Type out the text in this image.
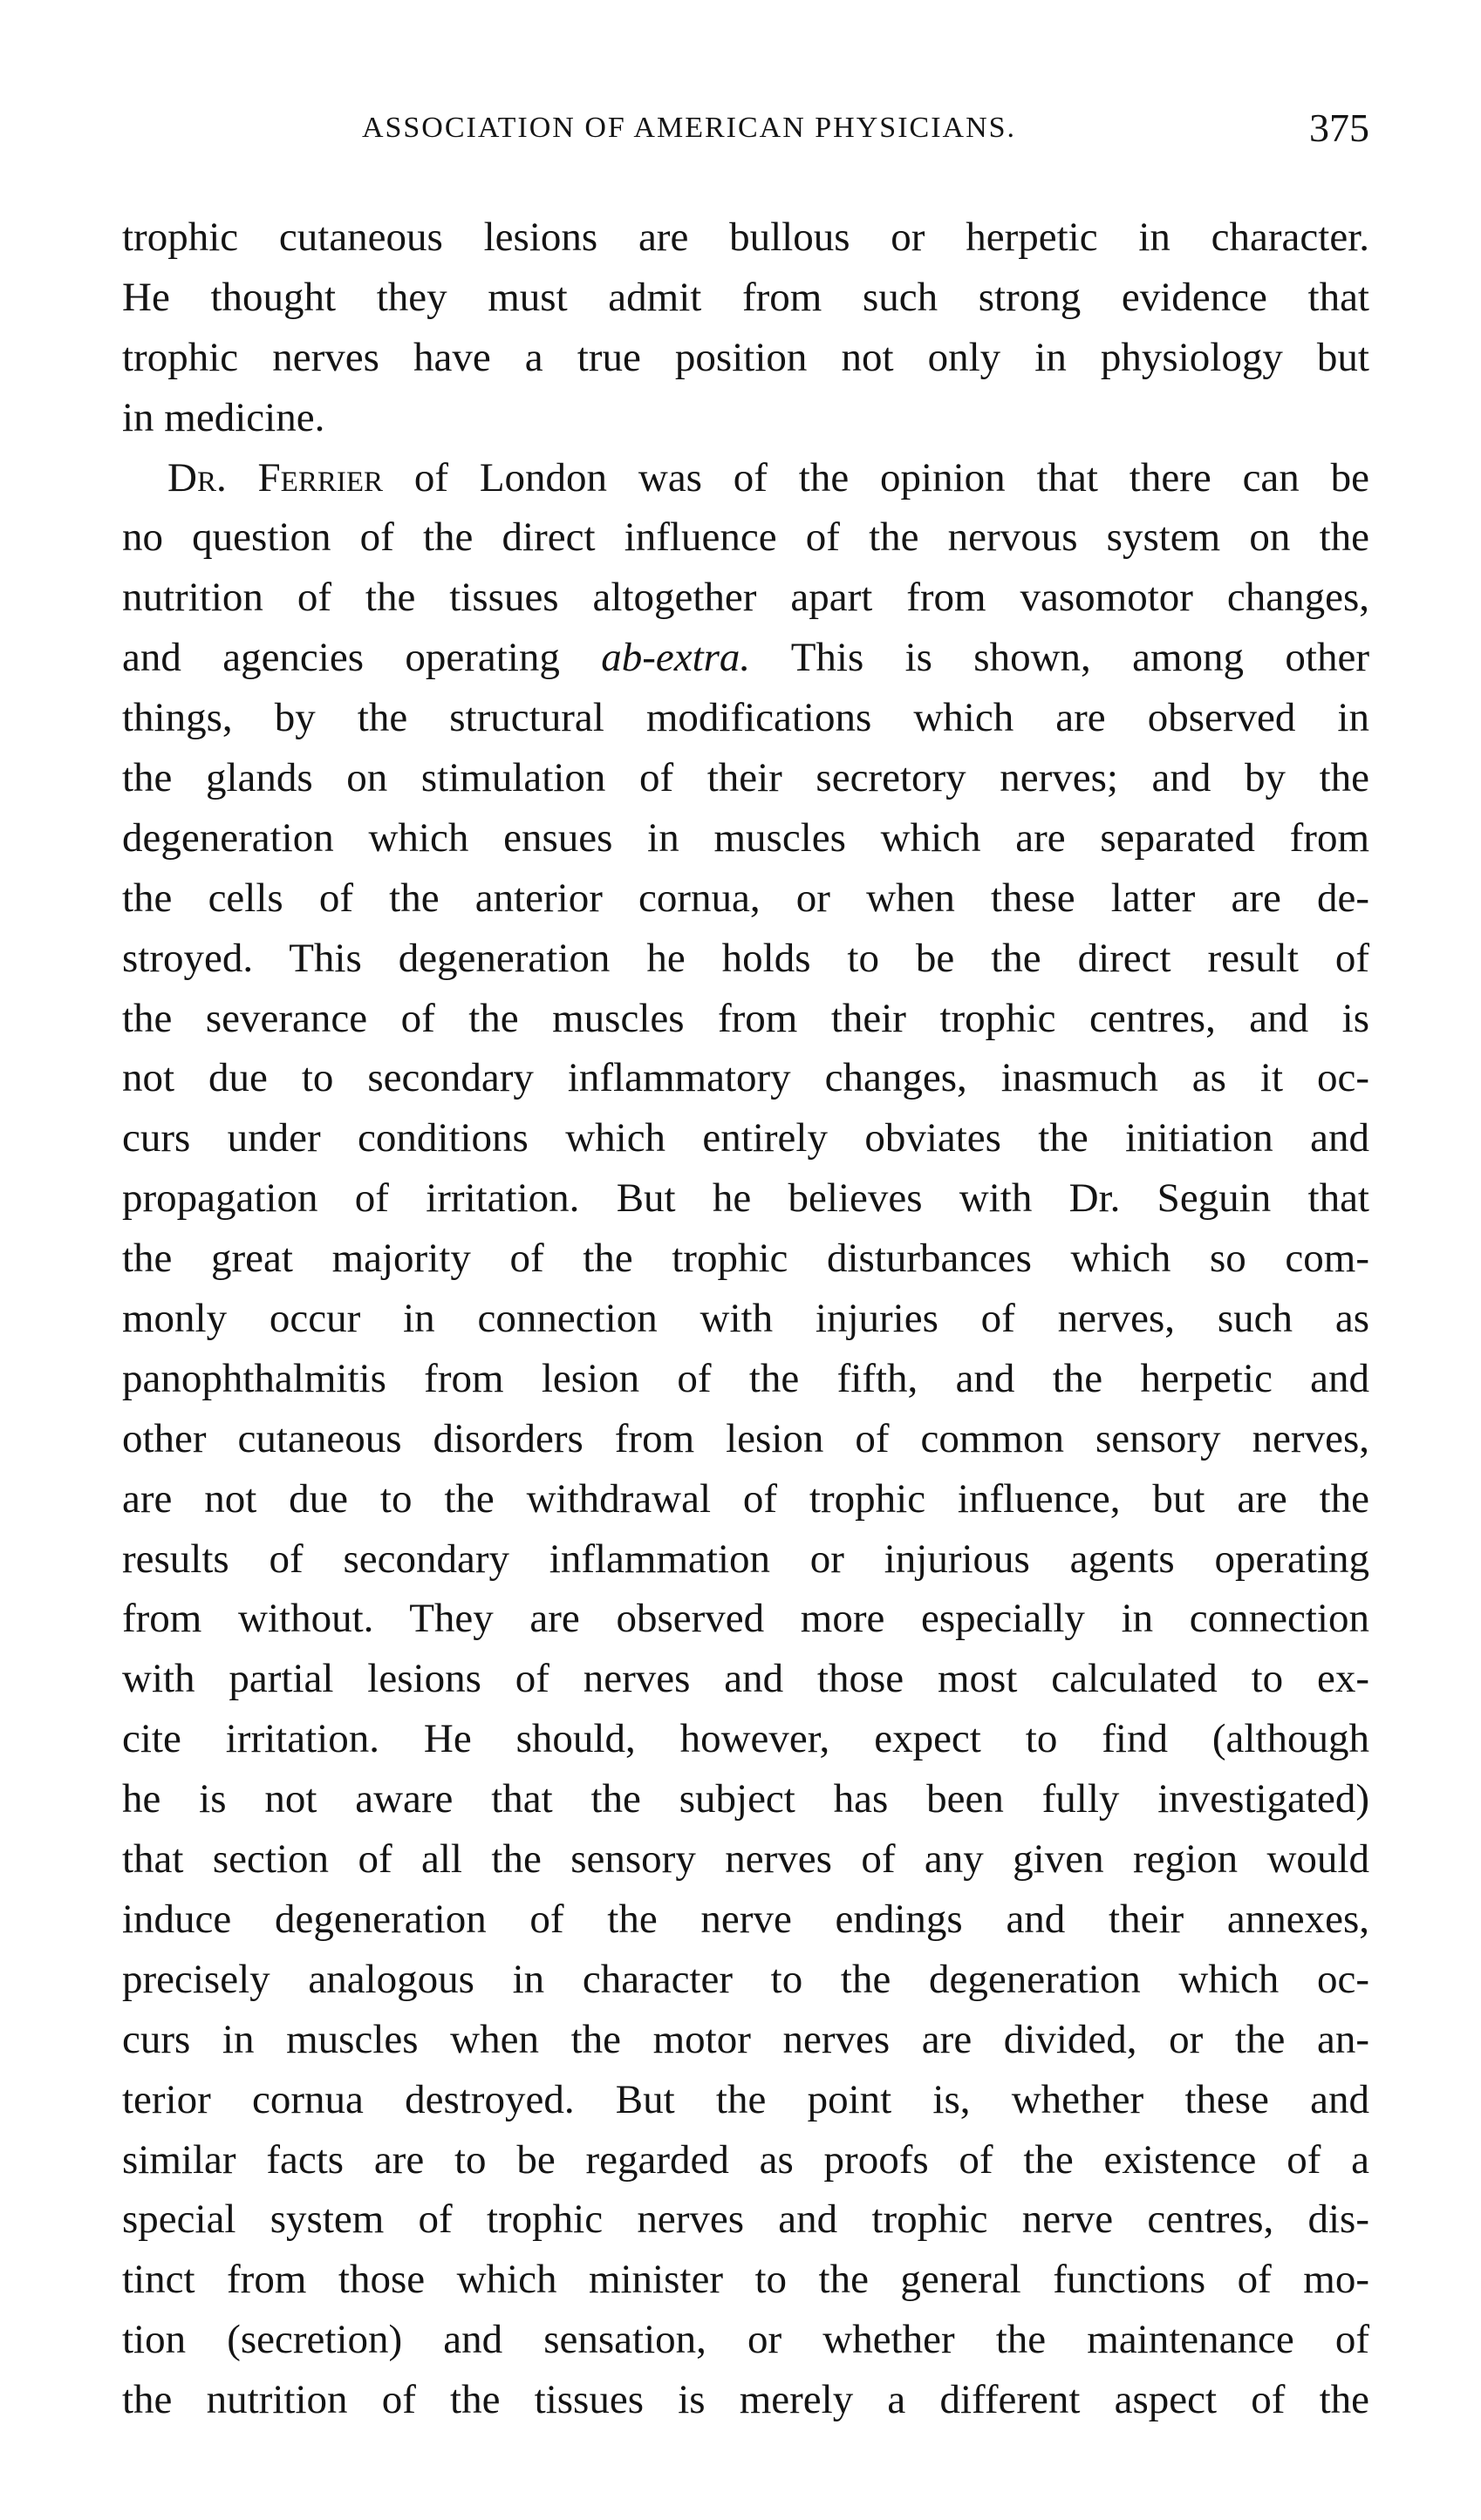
ASSOCIATION OF AMERICAN PHYSICIANS.	375
trophic cutaneous lesions are bullous or herpetic in character.
He thought they must admit from such strong evidence that
trophic nerves have a true position not only in physiology but
in medicine.
Dr. Ferrier of London was of the opinion that there can be
no question of the direct influence of the nervous system on the
nutrition of the tissues altogether apart from vasomotor changes,
and agencies operating ab-extra. This is shown, among other
things, by the structural modifications which are observed in
the glands on stimulation of their secretory nerves; and by the
degeneration which ensues in muscles which are separated from
the cells of the anterior cornua, or when these latter are de-
stroyed. This degeneration he holds to be the direct result of
the severance of the muscles from their trophic centres, and is
not due to secondary inflammatory changes, inasmuch as it oc-
curs under conditions which entirely obviates the initiation and
propagation of irritation. But he believes with Dr. Seguin that
the great majority of the trophic disturbances which so com-
monly occur in connection with injuries of nerves, such as
panophthalmitis from lesion of the fifth, and the herpetic and
other cutaneous disorders from lesion of common sensory nerves,
are not due to the withdrawal of trophic influence, but are the
results of secondary inflammation or injurious agents operating
from without. They are observed more especially in connection
with partial lesions of nerves and those most calculated to ex-
cite irritation. He should, however, expect to find (although
he is not aware that the subject has been fully investigated)
that section of all the sensory nerves of any given region would
induce degeneration of the nerve endings and their annexes,
precisely analogous in character to the degeneration which oc-
curs in muscles when the motor nerves are divided, or the an-
terior cornua destroyed. But the point is, whether these and
similar facts are to be regarded as proofs of the existence of a
special system of trophic nerves and trophic nerve centres, dis-
tinct from those which minister to the general functions of mo-
tion (secretion) and sensation, or whether the maintenance of
the nutrition of the tissues is merely a different aspect of the
